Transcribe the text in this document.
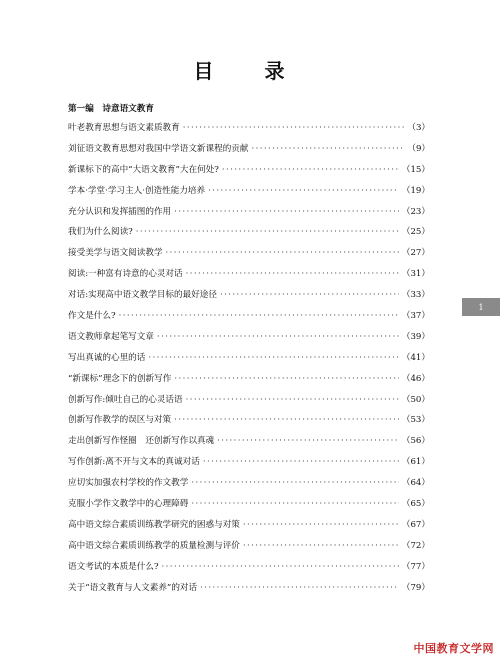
目 录
第一编　诗意语文教育
叶老教育思想与语文素质教育 ·····	（3）
刘征语文教育思想对我国中学语文新课程的贡献 ·····	（9）
新课标下的高中“大语文教育”大在何处? ·····	（15）
学本·学堂·学习主人·创造性能力培养 ·····	（19）
充分认识和发挥插图的作用 ·····	（23）
我们为什么阅读? ·····	（25）
接受美学与语文阅读教学 ·····	（27）
阅读:一种富有诗意的心灵对话 ·····	（31）
对话:实现高中语文教学目标的最好途径 ·····	（33）
作文是什么? ·····	（37）
语文教师拿起笔写文章 ·····	（39）
写出真诚的心里的话 ·····	（41）
“新课标”理念下的创新写作 ·····	（46）
创新写作:倾吐自己的心灵话语 ·····	（50）
创新写作教学的误区与对策 ·····	（53）
走出创新写作怪圈　还创新写作以真魂 ·····	（56）
写作创新:离不开与文本的真诚对话 ·····	（61）
应切实加强农村学校的作文教学 ·····	（64）
克服小学作文教学中的心理障碍 ·····	（65）
高中语文综合素质训练教学研究的困惑与对策 ·····	（67）
高中语文综合素质训练教学的质量检测与评价 ·····	（72）
语文考试的本质是什么? ·····	（77）
关于“语文教育与人文素养”的对话 ·····	（79）
1
中国教育文学网
